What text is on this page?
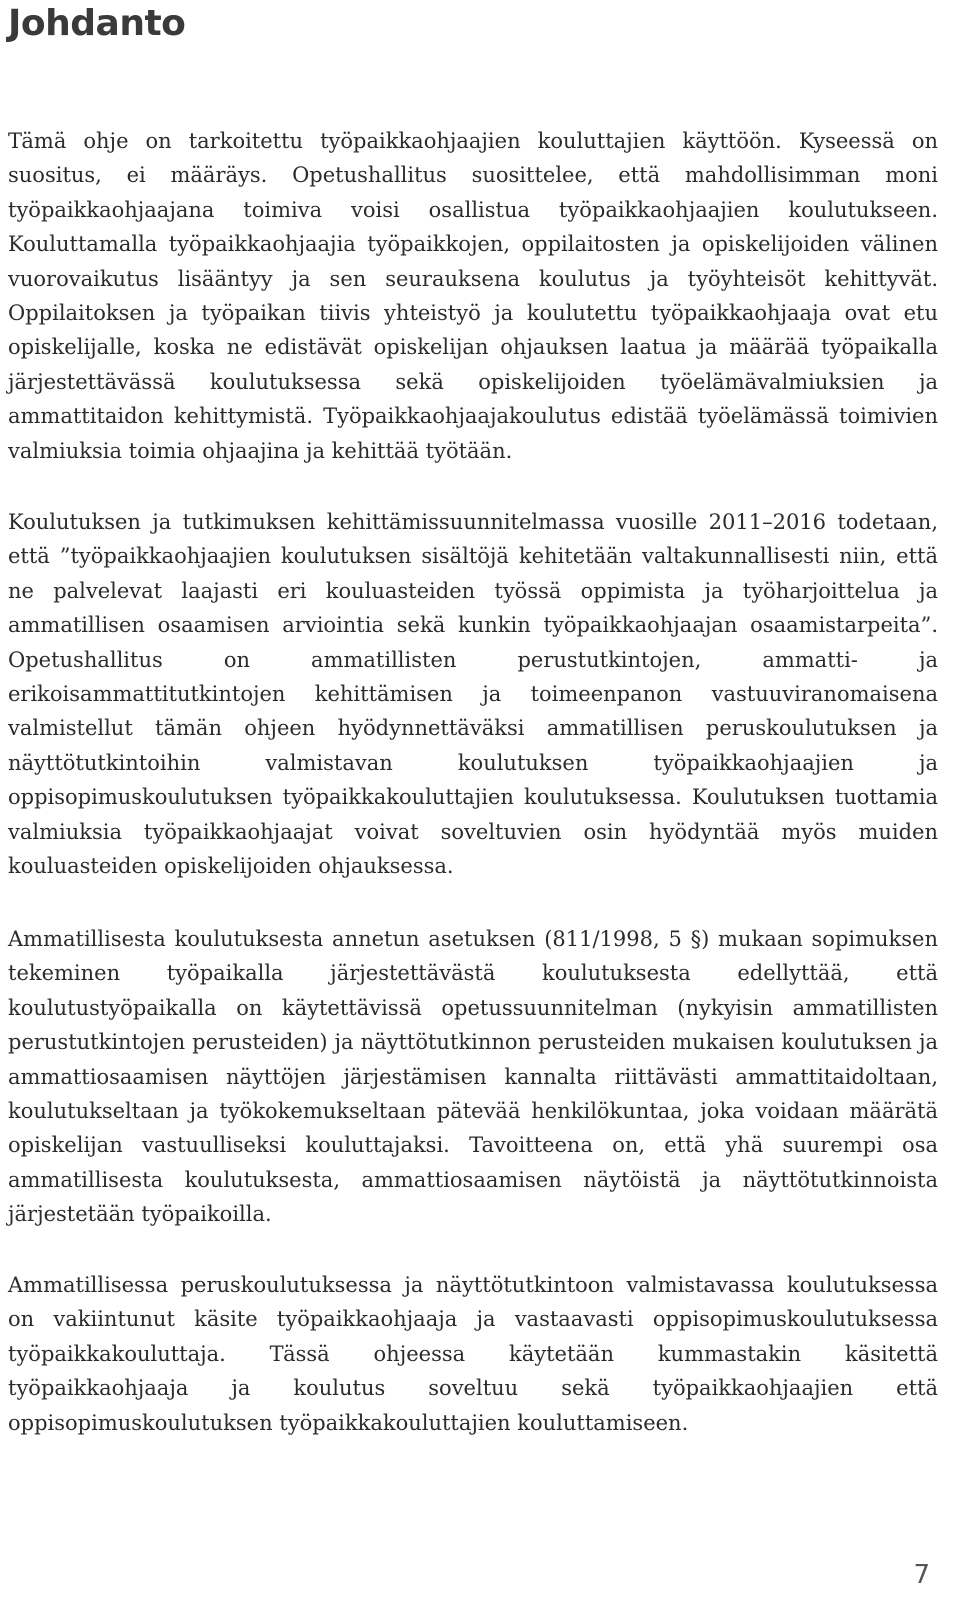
Johdanto

Tämä ohje on tarkoitettu työpaikkaohjaajien kouluttajien käyttöön. Kyseessä on suositus, ei määräys. Opetushallitus suosittelee, että mahdollisimman moni työpaikkaohjaajana toimiva voisi osallistua työpaikkaohjaajien koulutukseen. Kouluttamalla työpaikkaohjaajia työpaikkojen, oppilaitosten ja opiskelijoiden välinen vuorovaikutus lisääntyy ja sen seurauksena koulutus ja työyhteisöt kehittyvät. Oppilaitoksen ja työpaikan tiivis yhteistyö ja koulutettu työpaikkaohjaaja ovat etu opiskelijalle, koska ne edistävät opiskelijan ohjauksen laatua ja määrää työpaikalla järjestettävässä koulutuksessa sekä opiskelijoiden työelämävalmiuksien ja ammattitaidon kehittymistä. Työpaikkaohjaajakoulutus edistää työelämässä toimivien valmiuksia toimia ohjaajina ja kehittää työtään.

Koulutuksen ja tutkimuksen kehittämissuunnitelmassa vuosille 2011–2016 todetaan, että ”työpaikkaohjaajien koulutuksen sisältöjä kehitetään valtakunnallisesti niin, että ne palvelevat laajasti eri kouluasteiden työssä oppimista ja työharjoittelua ja ammatillisen osaamisen arviointia sekä kunkin työpaikkaohjaajan osaamistarpeita”. Opetushallitus on ammatillisten perustutkintojen, ammatti- ja erikoisammattitutkintojen kehittämisen ja toimeenpanon vastuuviranomaisena valmistellut tämän ohjeen hyödynnettäväksi ammatillisen peruskoulutuksen ja näyttötutkintoihin valmistavan koulutuksen työpaikkaohjaajien ja oppisopimuskoulutuksen työpaikkakouluttajien koulutuksessa. Koulutuksen tuottamia valmiuksia työpaikkaohjaajat voivat soveltuvien osin hyödyntää myös muiden kouluasteiden opiskelijoiden ohjauksessa.

Ammatillisesta koulutuksesta annetun asetuksen (811/1998, 5 §) mukaan sopimuksen tekeminen työpaikalla järjestettävästä koulutuksesta edellyttää, että koulutustyöpaikalla on käytettävissä opetussuunnitelman (nykyisin ammatillisten perustutkintojen perusteiden) ja näyttötutkinnon perusteiden mukaisen koulutuksen ja ammattiosaamisen näyttöjen järjestämisen kannalta riittävästi ammattitaidoltaan, koulutukseltaan ja työkokemukseltaan pätevää henkilökuntaa, joka voidaan määrätä opiskelijan vastuulliseksi kouluttajaksi. Tavoitteena on, että yhä suurempi osa ammatillisesta koulutuksesta, ammattiosaamisen näytöistä ja näyttötutkinnoista järjestetään työpaikoilla.

Ammatillisessa peruskoulutuksessa ja näyttötutkintoon valmistavassa koulutuksessa on vakiintunut käsite työpaikkaohjaaja ja vastaavasti oppisopimuskoulutuksessa työpaikkakouluttaja. Tässä ohjeessa käytetään kummastakin käsitettä työpaikkaohjaaja ja koulutus soveltuu sekä työpaikkaohjaajien että oppisopimuskoulutuksen työpaikkakouluttajien kouluttamiseen.

7
